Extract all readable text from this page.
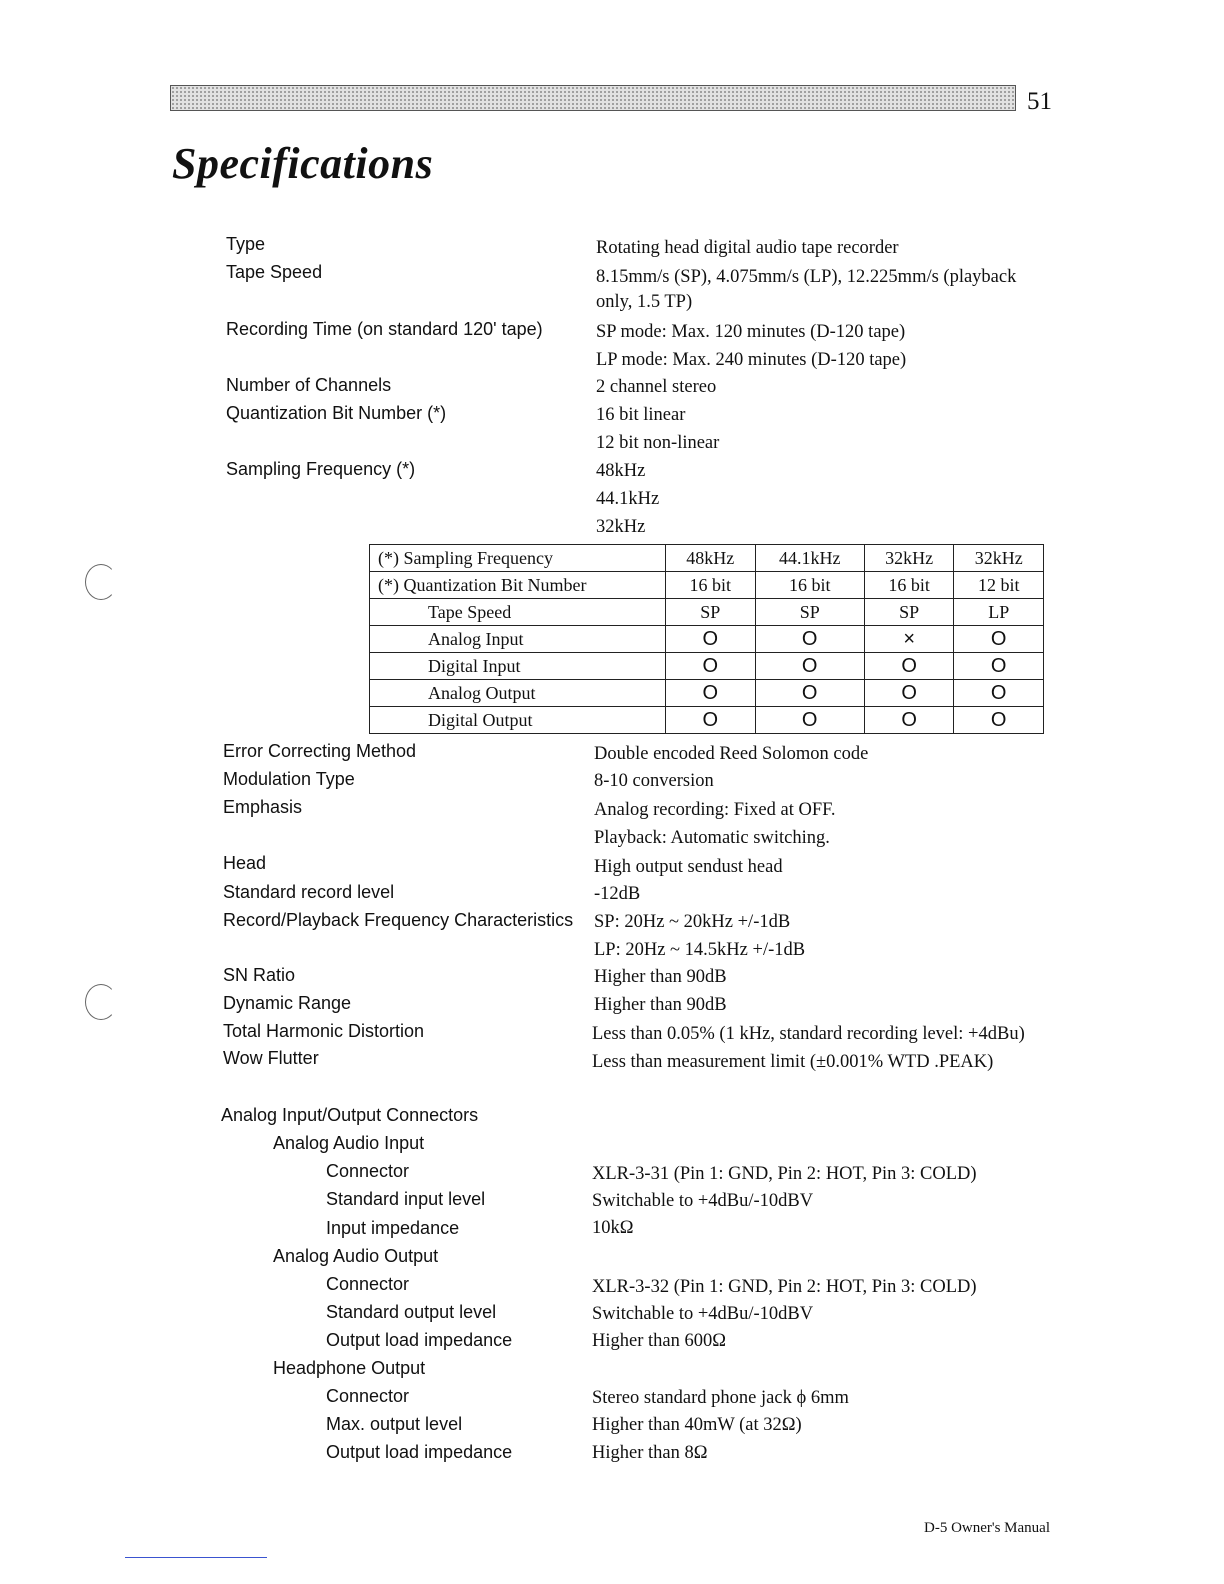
51
Specifications
Type	Rotating head digital audio tape recorder
Tape Speed	8.15mm/s (SP), 4.075mm/s (LP), 12.225mm/s (playback
only, 1.5 TP)
Recording Time (on standard 120' tape)	SP mode: Max. 120 minutes (D-120 tape)
LP mode: Max. 240 minutes (D-120 tape)
Number of Channels	2 channel stereo
Quantization Bit Number (*)	16 bit linear
12 bit non-linear
Sampling Frequency (*)	48kHz
44.1kHz
32kHz
(*) Sampling Frequency	48kHz	44.1kHz	32kHz	32kHz
(*) Quantization Bit Number	16 bit	16 bit	16 bit	12 bit
Tape Speed	SP	SP	SP	LP
Analog Input	O	O	×	O
Digital Input	O	O	O	O
Analog Output	O	O	O	O
Digital Output	O	O	O	O
Error Correcting Method	Double encoded Reed Solomon code
Modulation Type	8-10 conversion
Emphasis	Analog recording: Fixed at OFF.
Playback: Automatic switching.
Head	High output sendust head
Standard record level	-12dB
Record/Playback Frequency Characteristics SP: 20Hz ~ 20kHz +/-1dB
LP: 20Hz ~ 14.5kHz +/-1dB
SN Ratio	Higher than 90dB
Dynamic Range	Higher than 90dB
Total Harmonic Distortion	Less than 0.05% (1 kHz, standard recording level: +4dBu)
Wow Flutter	Less than measurement limit (±0.001% WTD .PEAK)
Analog Input/Output Connectors
Analog Audio Input
Connector	XLR-3-31 (Pin 1: GND, Pin 2: HOT, Pin 3: COLD)
Standard input level	Switchable to +4dBu/-10dBV
Input impedance	10kΩ
Analog Audio Output
Connector	XLR-3-32 (Pin 1: GND, Pin 2: HOT, Pin 3: COLD)
Standard output level	Switchable to +4dBu/-10dBV
Output load impedance	Higher than 600Ω
Headphone Output
Connector	Stereo standard phone jack ϕ 6mm
Max. output level	Higher than 40mW (at 32Ω)
Output load impedance	Higher than 8Ω
D-5 Owner's Manual
